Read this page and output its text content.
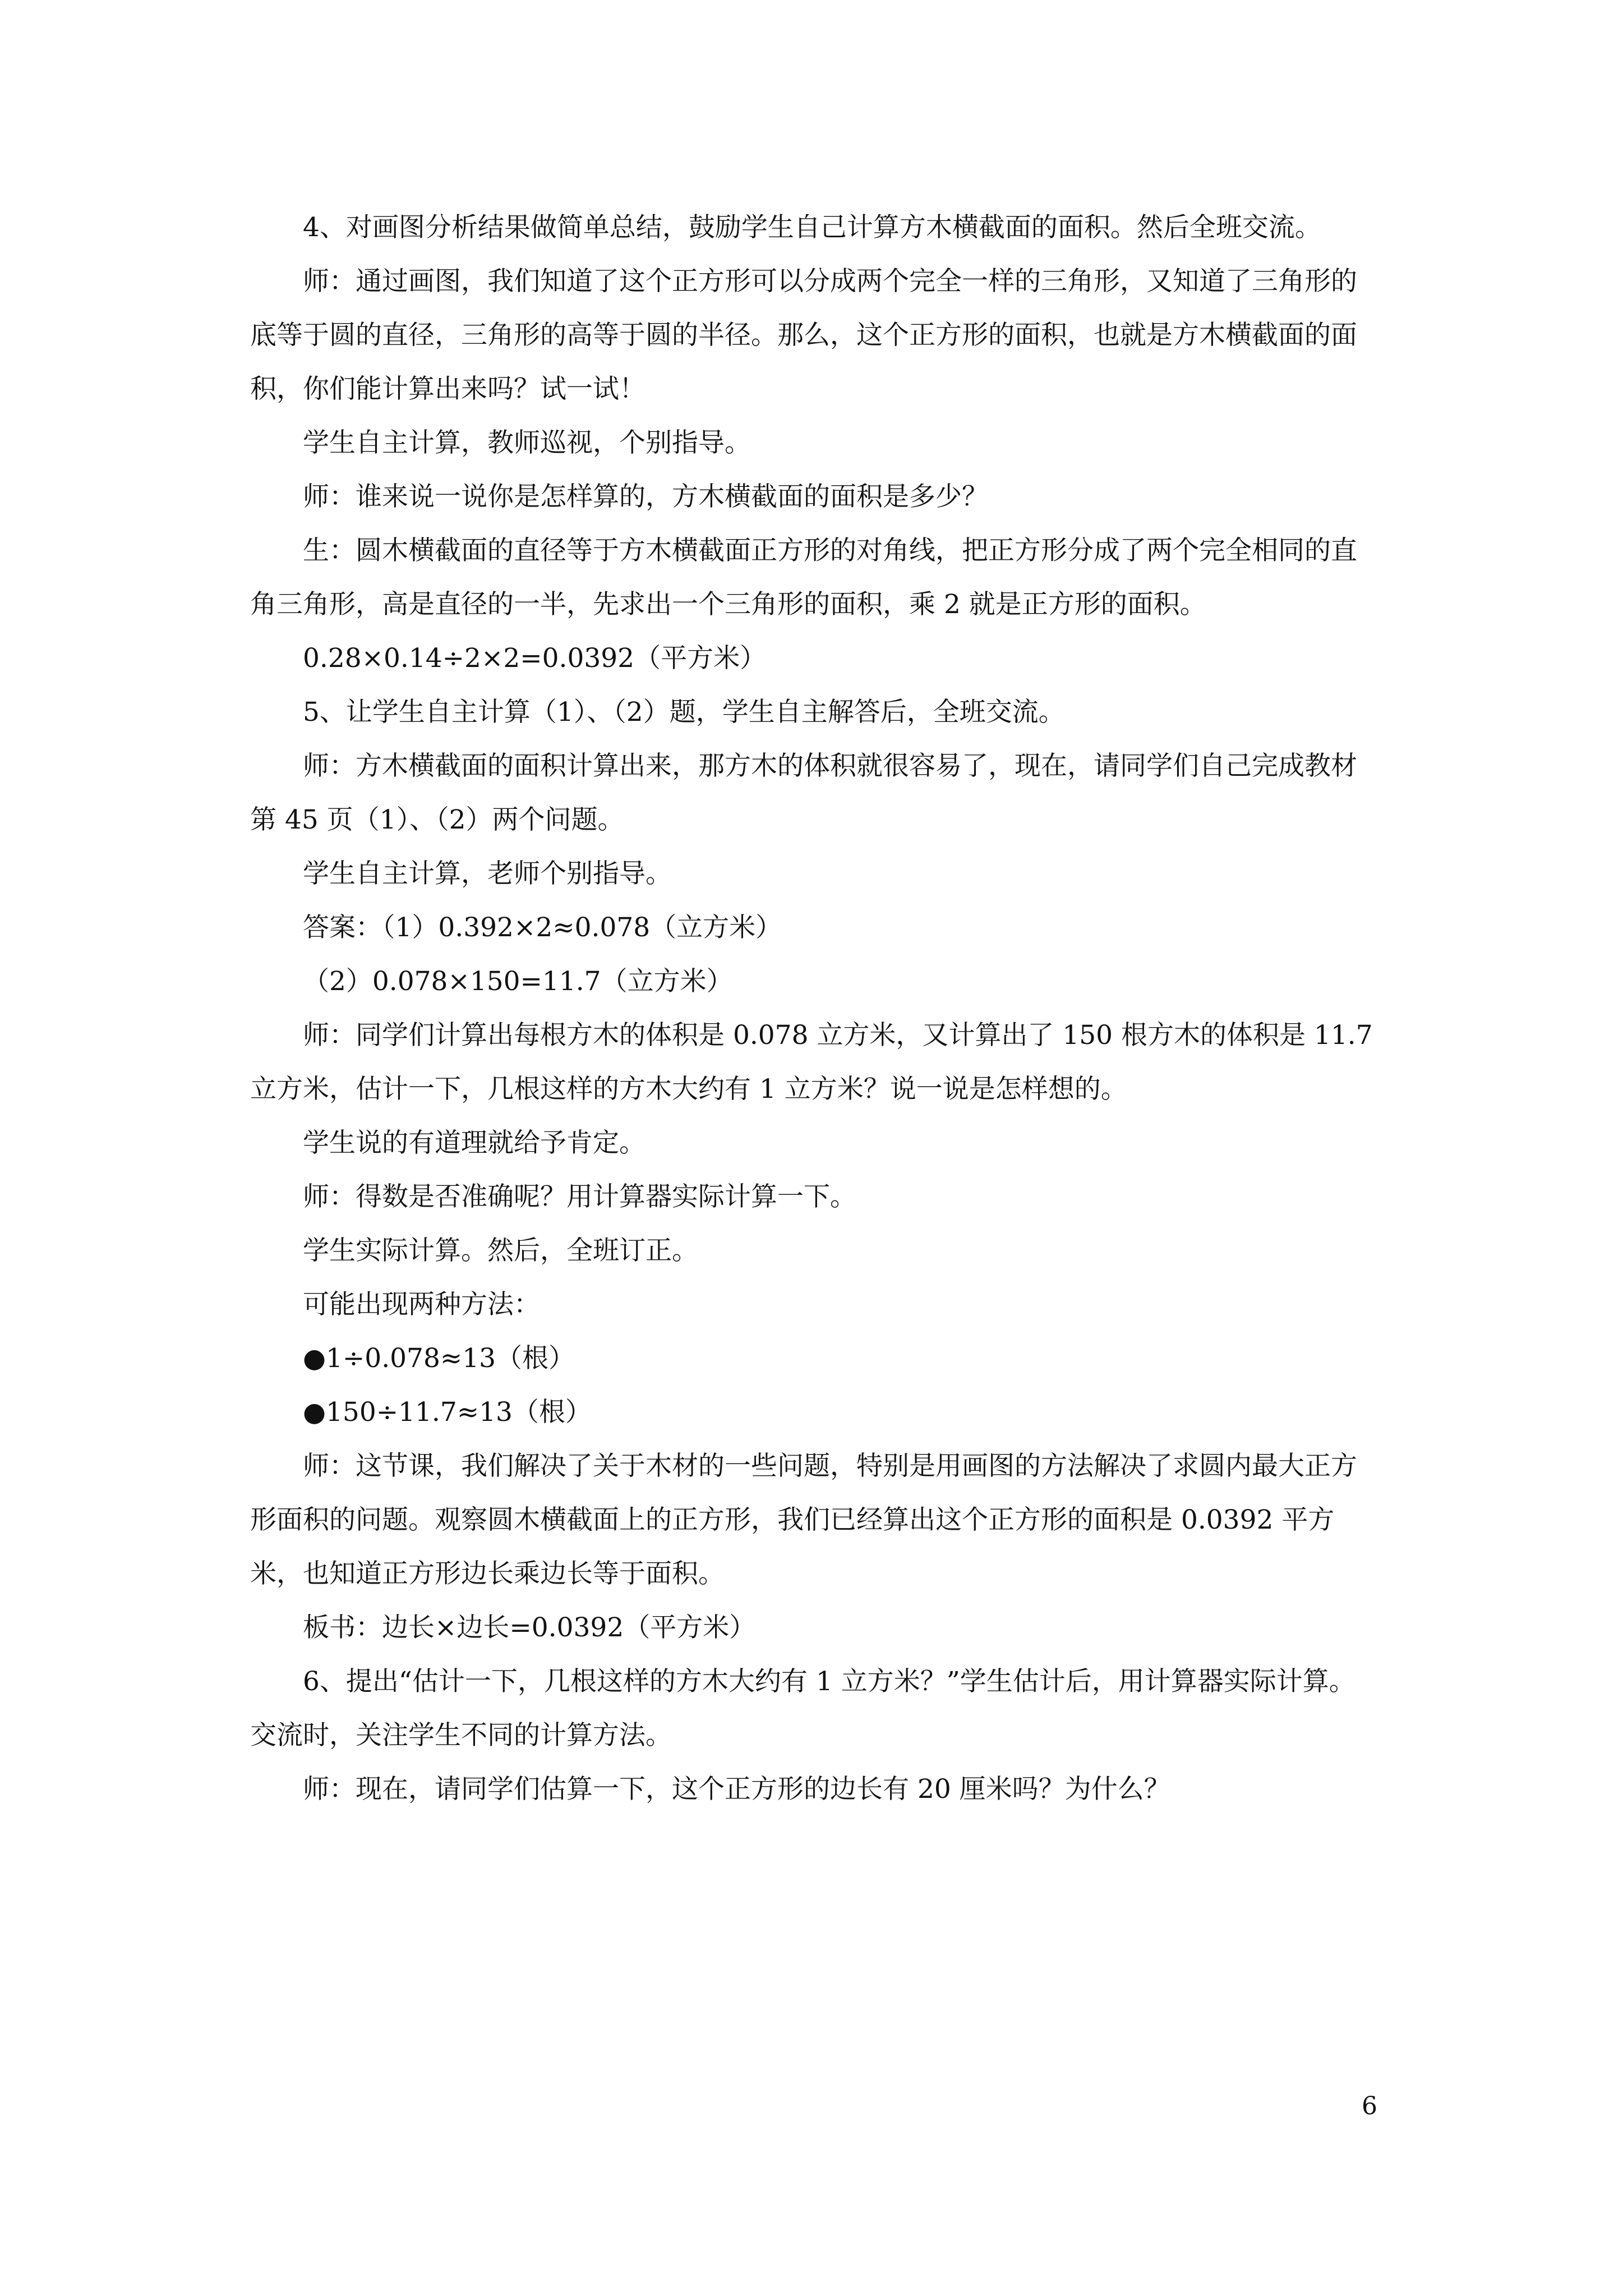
4、对画图分析结果做简单总结，鼓励学生自己计算方木横截面的面积。然后全班交流。

师：通过画图，我们知道了这个正方形可以分成两个完全一样的三角形，又知道了三角形的底等于圆的直径，三角形的高等于圆的半径。那么，这个正方形的面积，也就是方木横截面的面积，你们能计算出来吗？试一试！

学生自主计算，教师巡视，个别指导。

师：谁来说一说你是怎样算的，方木横截面的面积是多少？

生：圆木横截面的直径等于方木横截面正方形的对角线，把正方形分成了两个完全相同的直角三角形，高是直径的一半，先求出一个三角形的面积，乘 2 就是正方形的面积。

0.28×0.14÷2×2=0.0392（平方米）

5、让学生自主计算（1）、（2）题，学生自主解答后，全班交流。

师：方木横截面的面积计算出来，那方木的体积就很容易了，现在，请同学们自己完成教材第 45 页（1）、（2）两个问题。

学生自主计算，老师个别指导。

答案：（1）0.392×2≈0.078（立方米）

（2）0.078×150=11.7（立方米）

师：同学们计算出每根方木的体积是 0.078 立方米，又计算出了 150 根方木的体积是 11.7 立方米，估计一下，几根这样的方木大约有 1 立方米？说一说是怎样想的。

学生说的有道理就给予肯定。

师：得数是否准确呢？用计算器实际计算一下。

学生实际计算。然后，全班订正。

可能出现两种方法：

●1÷0.078≈13（根）

●150÷11.7≈13（根）

师：这节课，我们解决了关于木材的一些问题，特别是用画图的方法解决了求圆内最大正方形面积的问题。观察圆木横截面上的正方形，我们已经算出这个正方形的面积是 0.0392 平方米，也知道正方形边长乘边长等于面积。

板书：边长×边长=0.0392（平方米）

6、提出“估计一下，几根这样的方木大约有 1 立方米？”学生估计后，用计算器实际计算。交流时，关注学生不同的计算方法。

师：现在，请同学们估算一下，这个正方形的边长有 20 厘米吗？为什么？

6
